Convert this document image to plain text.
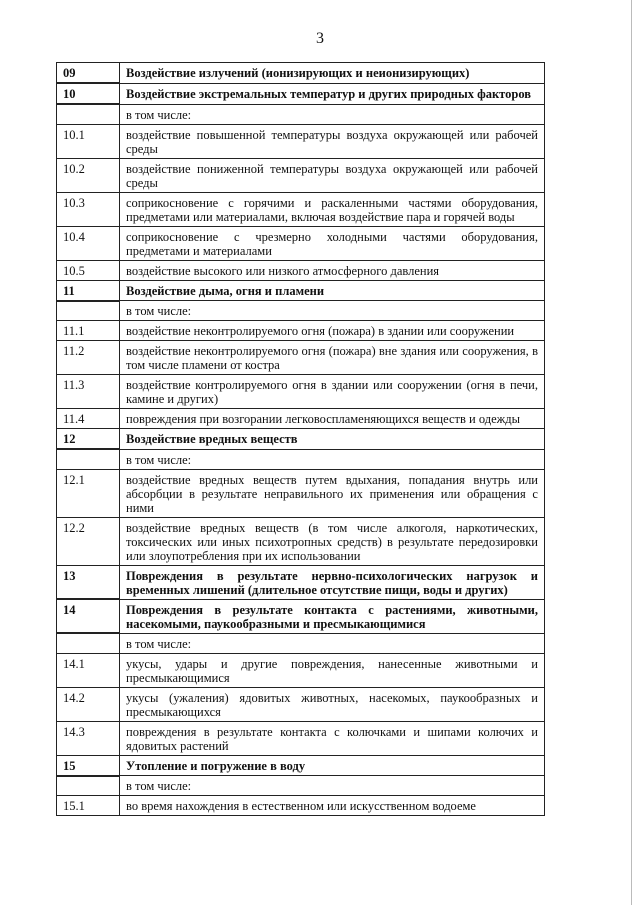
3
09	Воздействие излучений (ионизирующих и неионизирующих)
10	Воздействие экстремальных температур и других природных факторов
	в том числе:
10.1	воздействие повышенной температуры воздуха окружающей или рабочей среды
10.2	воздействие пониженной температуры воздуха окружающей или рабочей среды
10.3	соприкосновение с горячими и раскаленными частями оборудования, предметами или материалами, включая воздействие пара и горячей воды
10.4	соприкосновение с чрезмерно холодными частями оборудования, предметами и материалами
10.5	воздействие высокого или низкого атмосферного давления
11	Воздействие дыма, огня и пламени
	в том числе:
11.1	воздействие неконтролируемого огня (пожара) в здании или сооружении
11.2	воздействие неконтролируемого огня (пожара) вне здания или сооружения, в том числе пламени от костра
11.3	воздействие контролируемого огня в здании или сооружении (огня в печи, камине и других)
11.4	повреждения при возгорании легковоспламеняющихся веществ и одежды
12	Воздействие вредных веществ
	в том числе:
12.1	воздействие вредных веществ путем вдыхания, попадания внутрь или абсорбции в результате неправильного их применения или обращения с ними
12.2	воздействие вредных веществ (в том числе алкоголя, наркотических, токсических или иных психотропных средств) в результате передозировки или злоупотребления при их использовании
13	Повреждения в результате нервно-психологических нагрузок и временных лишений (длительное отсутствие пищи, воды и других)
14	Повреждения в результате контакта с растениями, животными, насекомыми, паукообразными и пресмыкающимися
	в том числе:
14.1	укусы, удары и другие повреждения, нанесенные животными и пресмыкающимися
14.2	укусы (ужаления) ядовитых животных, насекомых, паукообразных и пресмыкающихся
14.3	повреждения в результате контакта с колючками и шипами колючих и ядовитых растений
15	Утопление и погружение в воду
	в том числе:
15.1	во время нахождения в естественном или искусственном водоеме
